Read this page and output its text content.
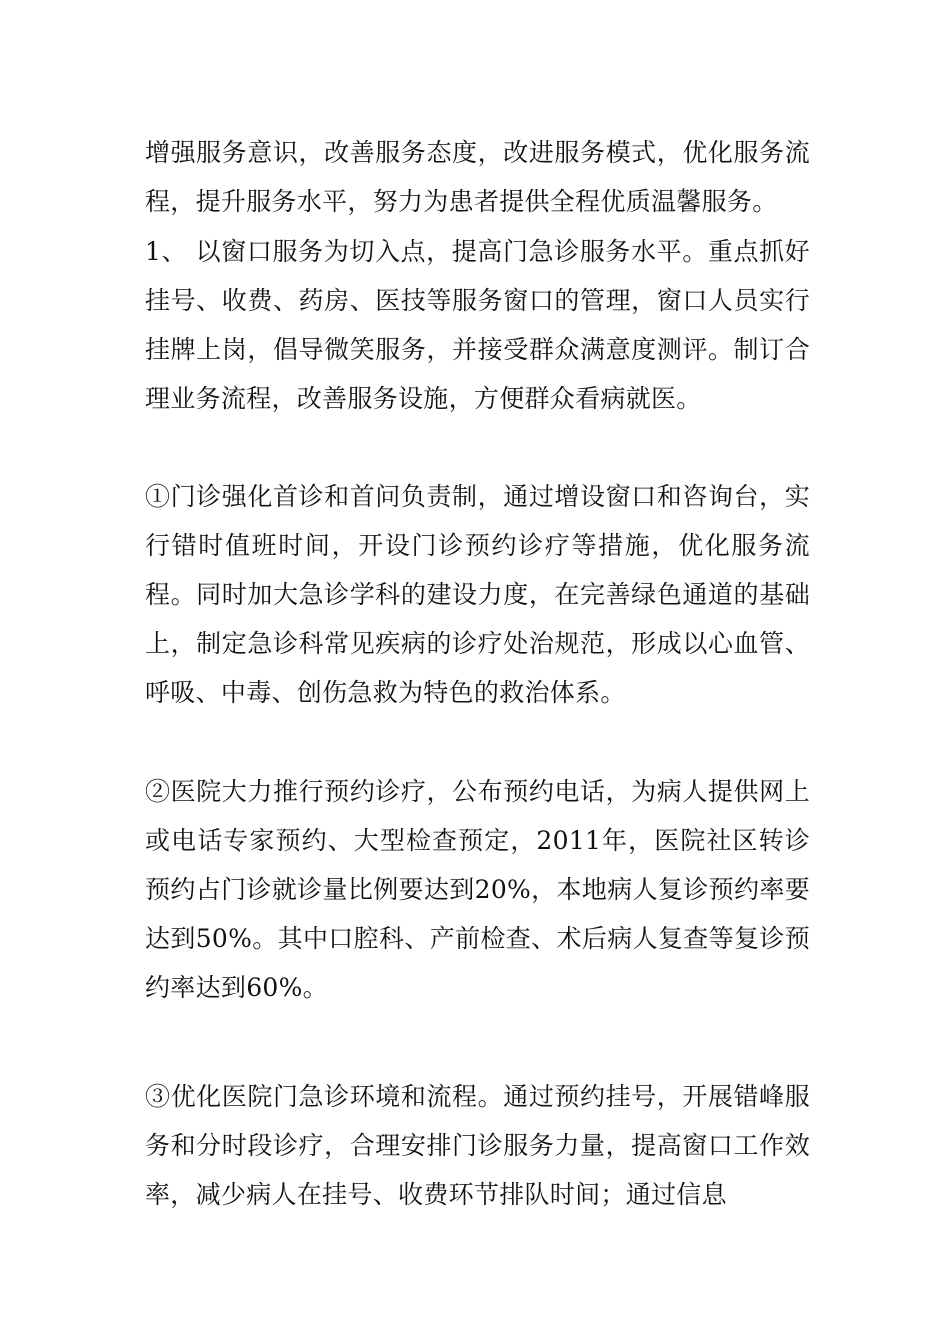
增强服务意识，改善服务态度，改进服务模式，优化服务流程，提升服务水平，努力为患者提供全程优质温馨服务。

1、 以窗口服务为切入点，提高门急诊服务水平。重点抓好挂号、收费、药房、医技等服务窗口的管理，窗口人员实行挂牌上岗，倡导微笑服务，并接受群众满意度测评。制订合理业务流程，改善服务设施，方便群众看病就医。

①门诊强化首诊和首问负责制，通过增设窗口和咨询台，实行错时值班时间，开设门诊预约诊疗等措施，优化服务流程。同时加大急诊学科的建设力度，在完善绿色通道的基础上，制定急诊科常见疾病的诊疗处治规范，形成以心血管、呼吸、中毒、创伤急救为特色的救治体系。

②医院大力推行预约诊疗，公布预约电话，为病人提供网上或电话专家预约、大型检查预定，2011年，医院社区转诊预约占门诊就诊量比例要达到20%，本地病人复诊预约率要达到50%。其中口腔科、产前检查、术后病人复查等复诊预约率达到60%。

③优化医院门急诊环境和流程。通过预约挂号，开展错峰服务和分时段诊疗，合理安排门诊服务力量，提高窗口工作效率，减少病人在挂号、收费环节排队时间；通过信息
